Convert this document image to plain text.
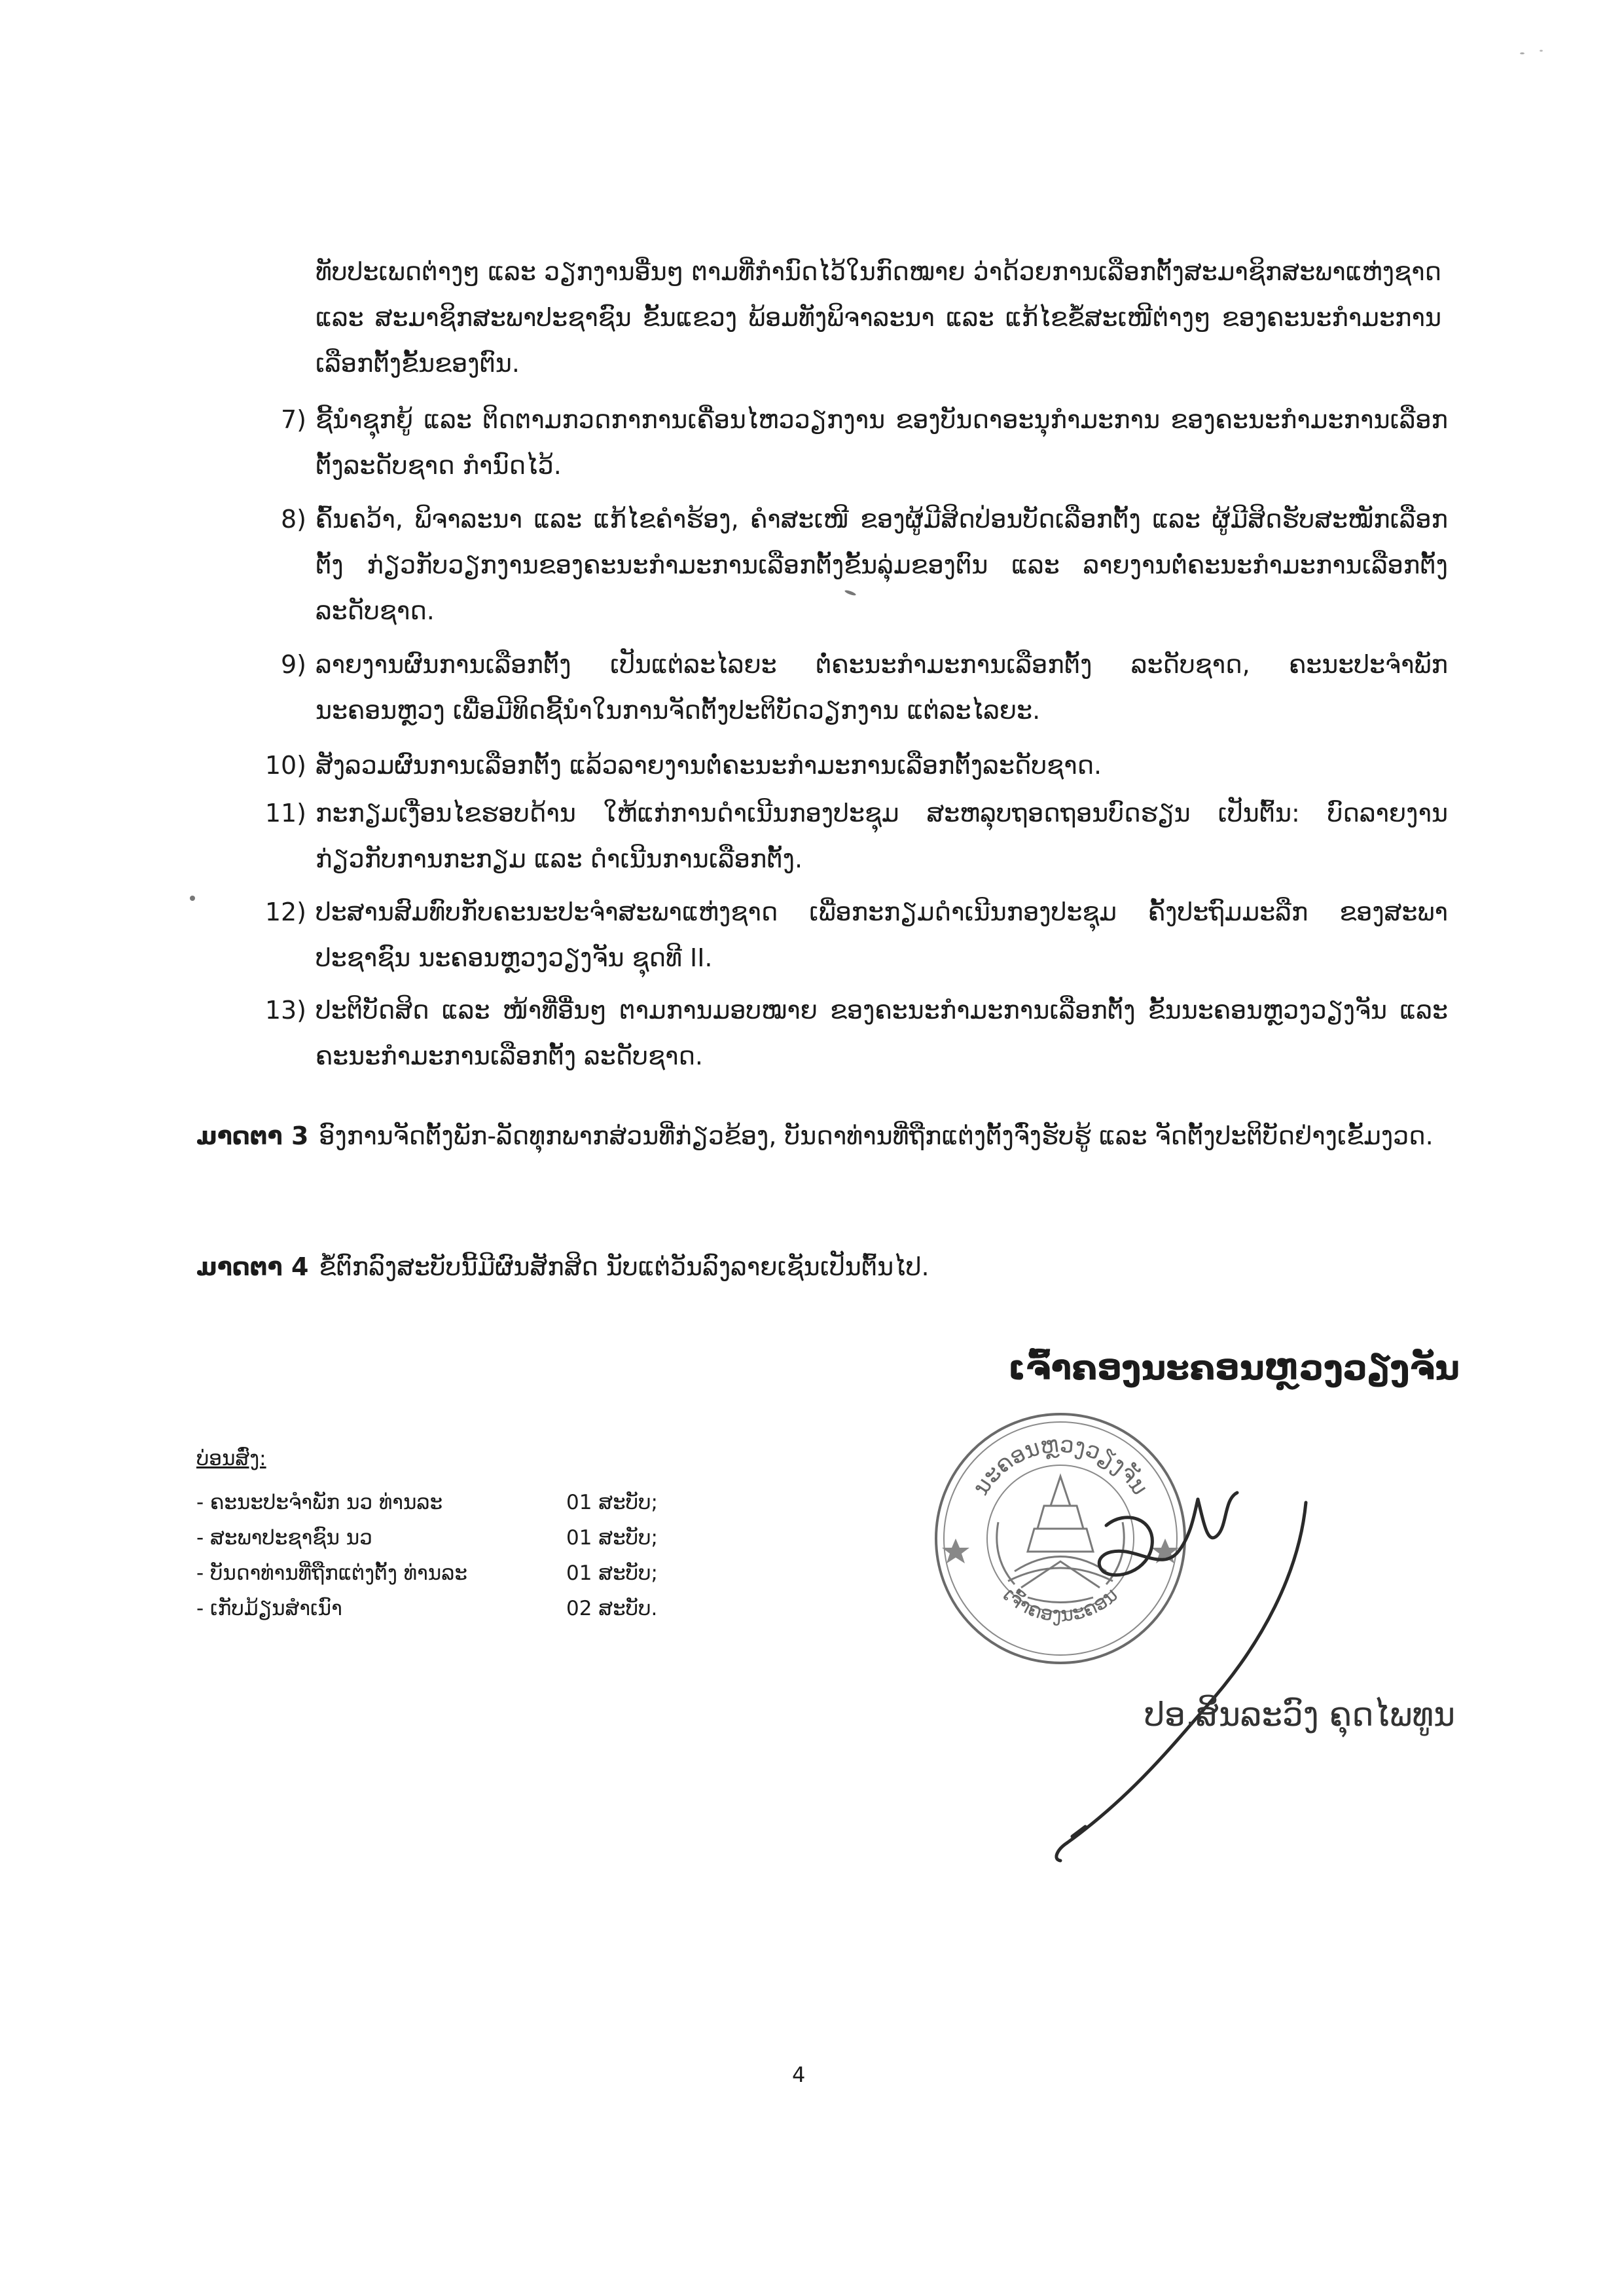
ທັບປະເພດຕ່າງໆ ແລະ ວຽກງານອື່ນໆ ຕາມທີ່ກຳນົດໄວ້ໃນກົດໝາຍ ວ່າດ້ວຍການເລືອກຕັ້ງສະມາຊິກສະພາແຫ່ງຊາດ ແລະ ສະມາຊິກສະພາປະຊາຊົນ ຂັ້ນແຂວງ ພ້ອມທັງພິຈາລະນາ ແລະ ແກ້ໄຂຂໍ້ສະເໜີຕ່າງໆ ຂອງຄະນະກຳມະການເລືອກຕັ້ງຂັ້ນຂອງຕົນ.

7) ຊີ້ນຳຊຸກຍູ້ ແລະ ຕິດຕາມກວດກາການເຄື່ອນໄຫວວຽກງານ ຂອງບັນດາອະນຸກຳມະການ ຂອງຄະນະກຳມະການເລືອກຕັ້ງລະດັບຊາດ ກຳນົດໄວ້.
8) ຄົ້ນຄວ້າ, ພິຈາລະນາ ແລະ ແກ້ໄຂຄຳຮ້ອງ, ຄຳສະເໜີ ຂອງຜູ້ມີສິດປ່ອນບັດເລືອກຕັ້ງ ແລະ ຜູ້ມີສິດຮັບສະໝັກເລືອກຕັ້ງ ກ່ຽວກັບວຽກງານຂອງຄະນະກຳມະການເລືອກຕັ້ງຂັ້ນລຸ່ມຂອງຕົນ ແລະ ລາຍງານຕໍ່ຄະນະກຳມະການເລືອກຕັ້ງລະດັບຊາດ.
9) ລາຍງານຜົນການເລືອກຕັ້ງ ເປັນແຕ່ລະໄລຍະ ຕໍ່ຄະນະກຳມະການເລືອກຕັ້ງ ລະດັບຊາດ, ຄະນະປະຈຳພັກນະຄອນຫຼວງ ເພື່ອມີທິດຊີ້ນຳໃນການຈັດຕັ້ງປະຕິບັດວຽກງານ ແຕ່ລະໄລຍະ.
10) ສັງລວມຜົນການເລືອກຕັ້ງ ແລ້ວລາຍງານຕໍ່ຄະນະກຳມະການເລືອກຕັ້ງລະດັບຊາດ.
11) ກະກຽມເງື່ອນໄຂຮອບດ້ານ ໃຫ້ແກ່ການດຳເນີນກອງປະຊຸມ ສະຫລຸບຖອດຖອນບົດຮຽນ ເປັນຕົ້ນ: ບົດລາຍງານກ່ຽວກັບການກະກຽມ ແລະ ດຳເນີນການເລືອກຕັ້ງ.
12) ປະສານສົມທົບກັບຄະນະປະຈຳສະພາແຫ່ງຊາດ ເພື່ອກະກຽມດຳເນີນກອງປະຊຸມ ຄັ້ງປະຖົມມະລືກ ຂອງສະພາປະຊາຊົນ ນະຄອນຫຼວງວຽງຈັນ ຊຸດທີ II.
13) ປະຕິບັດສິດ ແລະ ໜ້າທີ່ອື່ນໆ ຕາມການມອບໝາຍ ຂອງຄະນະກຳມະການເລືອກຕັ້ງ ຂັ້ນນະຄອນຫຼວງວຽງຈັນ ແລະ ຄະນະກຳມະການເລືອກຕັ້ງ ລະດັບຊາດ.
ມາດຕາ 3 ອົງການຈັດຕັ້ງພັກ-ລັດທຸກພາກສ່ວນທີ່ກ່ຽວຂ້ອງ, ບັນດາທ່ານທີ່ຖືກແຕ່ງຕັ້ງຈົ່ງຮັບຮູ້ ແລະ ຈັດຕັ້ງປະຕິບັດຢ່າງເຂັ້ມງວດ.
ມາດຕາ 4 ຂໍ້ຕົກລົງສະບັບນີ້ມີຜົນສັກສິດ ນັບແຕ່ວັນລົງລາຍເຊັນເປັນຕົ້ນໄປ.
ເຈົ້າຄອງນະຄອນຫຼວງວຽງຈັນ
ບ່ອນສົ່ງ:
- ຄະນະປະຈຳພັກ ນວ ທ່ານລະ	01 ສະບັບ;
- ສະພາປະຊາຊົນ ນວ	01 ສະບັບ;
- ບັນດາທ່ານທີ່ຖືກແຕ່ງຕັ້ງ ທ່ານລະ	01 ສະບັບ;
- ເກັບມ້ຽນສຳເນົາ	02 ສະບັບ.
ນະຄອນຫຼວງວຽງຈັນ
ເຈົ້າຄອງນະຄອນ
ປອ.ສິນລະວົງ ຄຸດໄພທູນ
4
